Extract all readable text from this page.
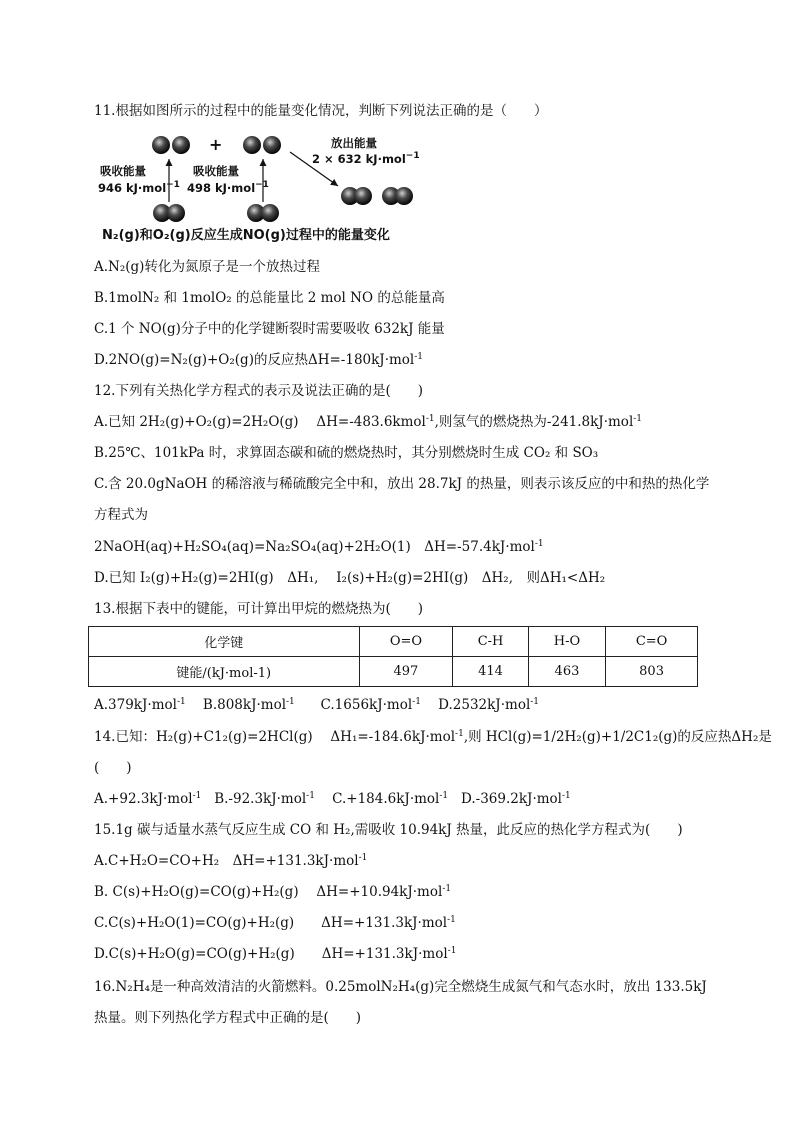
11.根据如图所示的过程中的能量变化情况，判断下列说法正确的是（　　）
+
吸收能量
946 kJ·mol$^{-1}$
吸收能量
498 kJ·mol$^{-1}$
放出能量
2 × 632 kJ·mol$^{-1}$
N₂(g)和O₂(g)反应生成NO(g)过程中的能量变化
A.N₂(g)转化为氮原子是一个放热过程
B.1molN₂ 和 1molO₂ 的总能量比 2 mol NO 的总能量高
C.1 个 NO(g)分子中的化学键断裂时需要吸收 632kJ 能量
D.2NO(g)=N₂(g)+O₂(g)的反应热ΔH=-180kJ·mol$^{-1}$
12.下列有关热化学方程式的表示及说法正确的是(　　)
A.已知 2H₂(g)+O₂(g)=2H₂O(g)　 ΔH=-483.6kmol$^{-1}$,则氢气的燃烧热为-241.8kJ·mol$^{-1}$
B.25℃、101kPa 时，求算固态碳和硫的燃烧热时，其分别燃烧时生成 CO₂ 和 SO₃
C.含 20.0gNaOH 的稀溶液与稀硫酸完全中和，放出 28.7kJ 的热量，则表示该反应的中和热的热化学
方程式为
2NaOH(aq)+H₂SO₄(aq)=Na₂SO₄(aq)+2H₂O(1)　ΔH=-57.4kJ·mol$^{-1}$
D.已知 I₂(g)+H₂(g)=2HI(g)　ΔH₁,　 I₂(s)+H₂(g)=2HI(g)　ΔH₂,　则ΔH₁<ΔH₂
13.根据下表中的键能，可计算出甲烷的燃烧热为(　　)
化学键	O=O	C-H	H-O	C=O
键能/(kJ·mol-1)	497	414	463	803
A.379kJ·mol$^{-1}$ B.808kJ·mol$^{-1}$ C.1656kJ·mol$^{-1}$ D.2532kJ·mol$^{-1}$
14.已知：H₂(g)+C1₂(g)=2HCl(g)　 ΔH₁=-184.6kJ·mol$^{-1}$,则 HCl(g)=1/2H₂(g)+1/2C1₂(g)的反应热ΔH₂是
(　　)
A.+92.3kJ·mol$^{-1}$ B.-92.3kJ·mol$^{-1}$ C.+184.6kJ·mol$^{-1}$ D.-369.2kJ·mol$^{-1}$
15.1g 碳与适量水蒸气反应生成 CO 和 H₂,需吸收 10.94kJ 热量，此反应的热化学方程式为(　　)
A.C+H₂O=CO+H₂　ΔH=+131.3kJ·mol$^{-1}$
B. C(s)+H₂O(g)=CO(g)+H₂(g)　 ΔH=+10.94kJ·mol$^{-1}$
C.C(s)+H₂O(1)=CO(g)+H₂(g)　　ΔH=+131.3kJ·mol$^{-1}$
D.C(s)+H₂O(g)=CO(g)+H₂(g)　　ΔH=+131.3kJ·mol$^{-1}$
16.N₂H₄是一种高效清洁的火箭燃料。0.25molN₂H₄(g)完全燃烧生成氮气和气态水时，放出 133.5kJ
热量。则下列热化学方程式中正确的是(　　)
